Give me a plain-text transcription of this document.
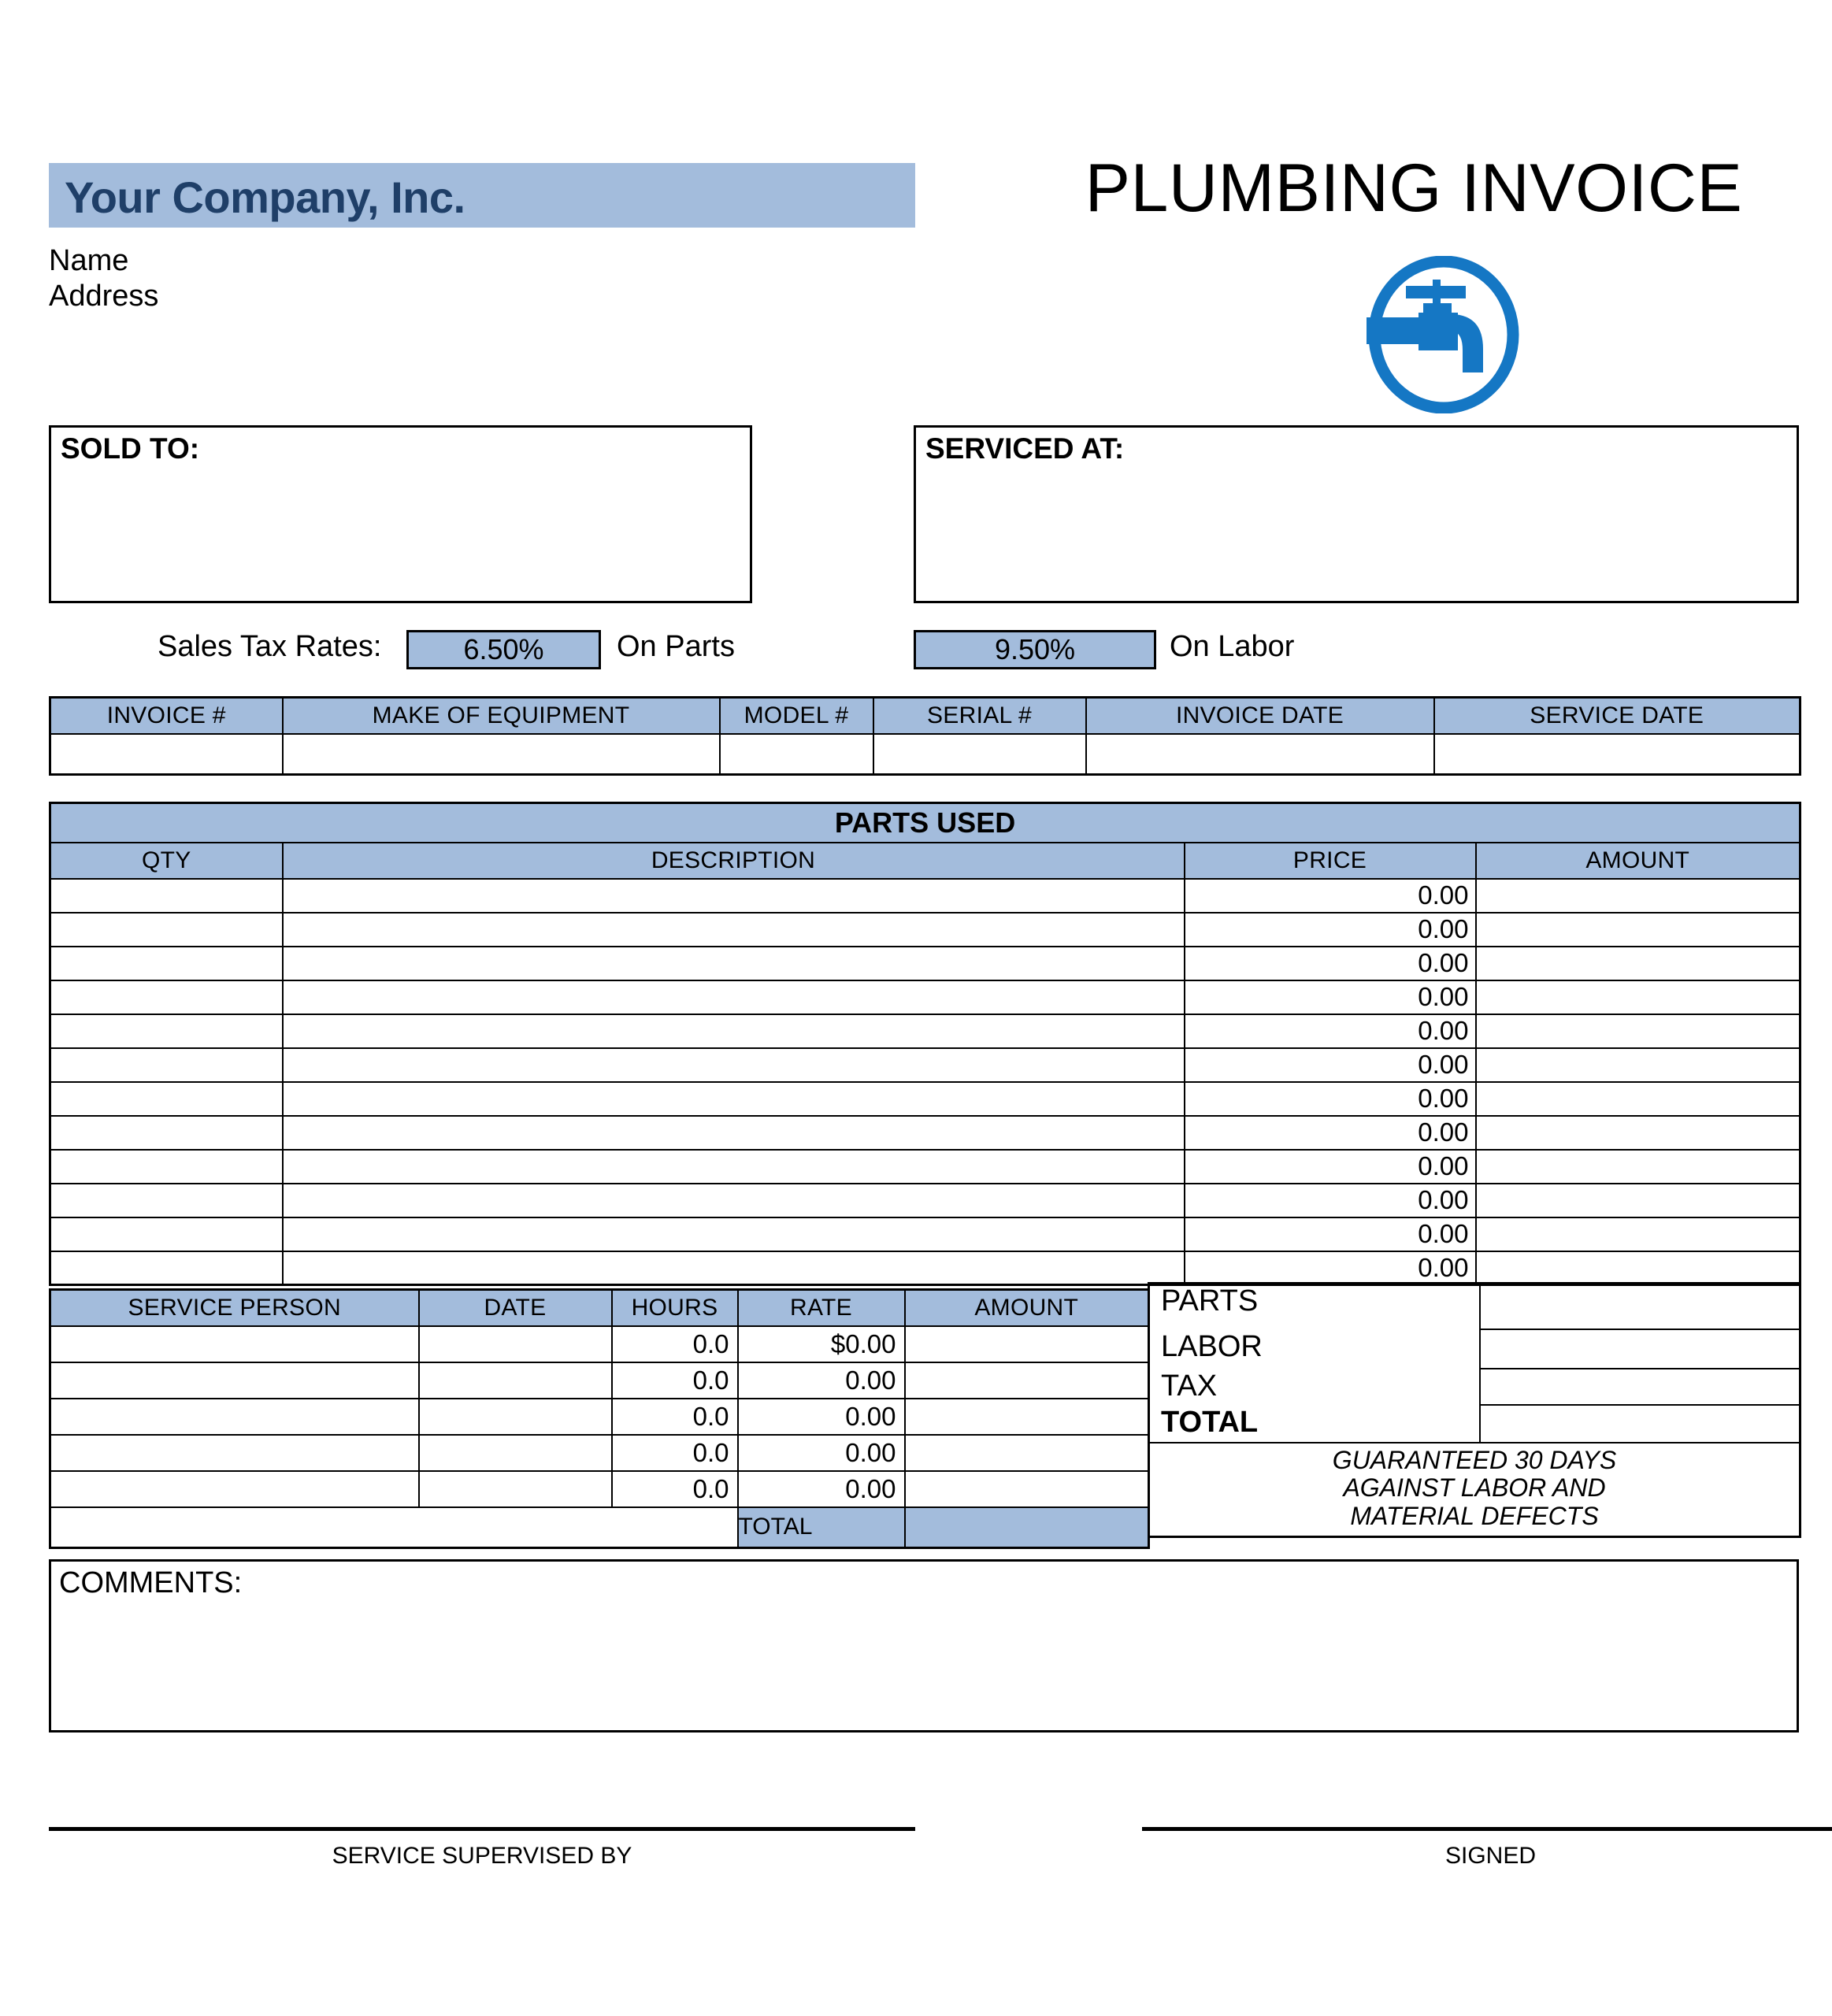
Your Company, Inc.
Name
Address
PLUMBING INVOICE
SOLD TO:	SERVICED AT:
Sales Tax Rates:	6.50%	On Parts	9.50%	On Labor
INVOICE #	MAKE OF EQUIPMENT	MODEL #	SERIAL #	INVOICE DATE	SERVICE DATE

PARTS USED			
QTY	DESCRIPTION	PRICE	AMOUNT
		0.00	
		0.00	
		0.00	
		0.00	
		0.00	
		0.00	
		0.00	
		0.00	
		0.00	
		0.00	
		0.00	
		0.00	
SERVICE PERSON	DATE	HOURS	RATE	AMOUNT
		0.0	$0.00	
		0.0	0.00	
		0.0	0.00	
		0.0	0.00	
		0.0	0.00	
			TOTAL	
PARTS
LABOR
TAX
TOTAL

GUARANTEED 30 DAYS
AGAINST LABOR AND
MATERIAL DEFECTS
COMMENTS:
SERVICE SUPERVISED BY	SIGNED
